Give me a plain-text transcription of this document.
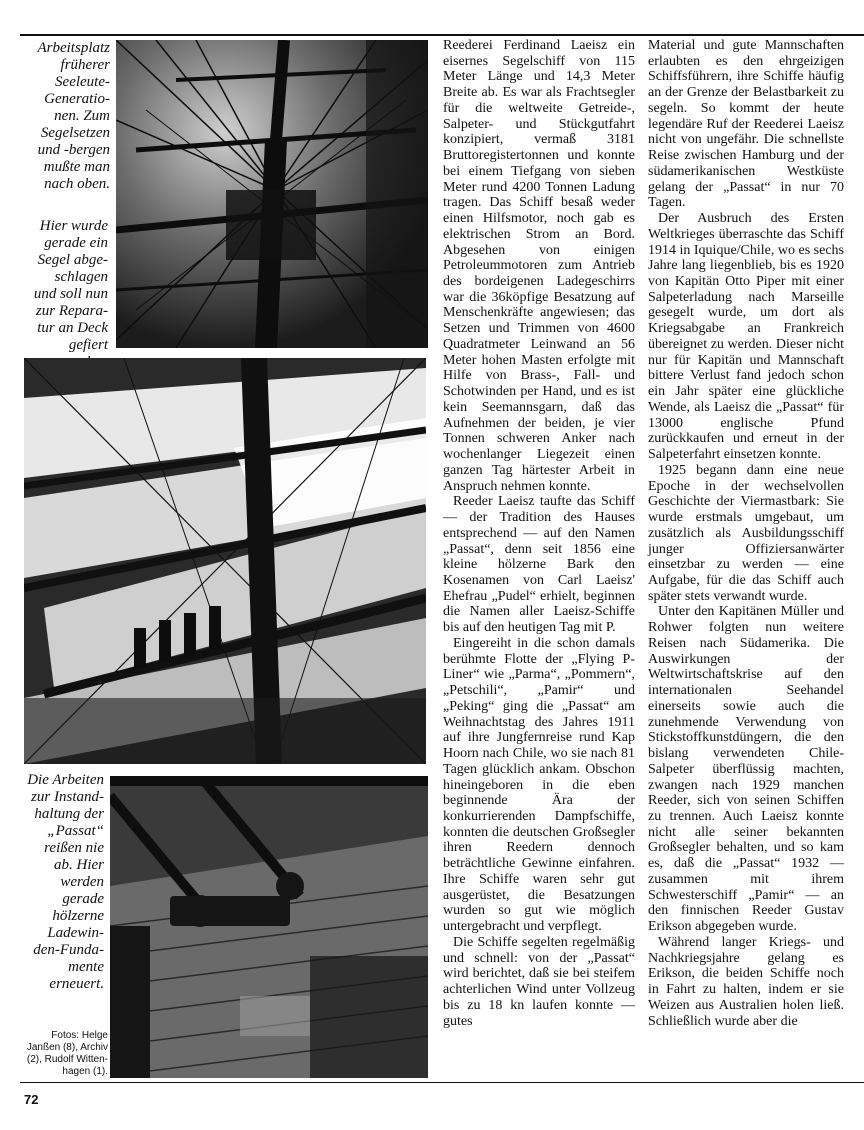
Arbeitsplatz
früherer
Seeleute-
Generatio-
nen. Zum
Segelsetzen
und -bergen
mußte man
nach oben.
Hier wurde
gerade ein
Segel abge-
schlagen
und soll nun
zur Repara-
tur an Deck
gefiert

Die Arbeiten
zur Instand-
haltung der
„Passat“
reißen nie
ab. Hier
werden
gerade
hölzerne
Ladewin-
den-Funda-
mente
erneuert.
Fotos: Helge
Janßen (8), Archiv
(2), Rudolf Witten-
hagen (1).

Reederei Ferdinand Laeisz ein eisernes Segelschiff von 115 Meter Länge und 14,3 Meter Breite ab. Es war als Frachtsegler für die weltweite Getreide-, Salpeter- und Stückgutfahrt konzipiert, vermaß 3181 Bruttoregistertonnen und konnte bei einem Tiefgang von sieben Meter rund 4200 Tonnen Ladung tragen. Das Schiff besaß weder einen Hilfsmotor, noch gab es elektrischen Strom an Bord. Abgesehen von einigen Petroleummotoren zum Antrieb des bordeigenen Ladegeschirrs war die 36köpfige Besatzung auf Menschenkräfte angewiesen; das Setzen und Trimmen von 4600 Quadratmeter Leinwand an 56 Meter hohen Masten erfolgte mit Hilfe von Brass-, Fall- und Schotwinden per Hand, und es ist kein Seemannsgarn, daß das Aufnehmen der beiden, je vier Tonnen schweren Anker nach wochenlanger Liegezeit einen ganzen Tag härtester Arbeit in Anspruch nehmen konnte.

Reeder Laeisz taufte das Schiff — der Tradition des Hauses entsprechend — auf den Namen „Passat“, denn seit 1856 eine kleine hölzerne Bark den Kosenamen von Carl Laeisz' Ehefrau „Pudel“ erhielt, beginnen die Namen aller Laeisz-Schiffe bis auf den heutigen Tag mit P.

Eingereiht in die schon damals berühmte Flotte der „Flying P-Liner“ wie „Parma“, „Pommern“, „Petschili“, „Pamir“ und „Peking“ ging die „Passat“ am Weihnachtstag des Jahres 1911 auf ihre Jungfernreise rund Kap Hoorn nach Chile, wo sie nach 81 Tagen glücklich ankam. Obschon hineingeboren in die eben beginnende Ära der konkurrierenden Dampfschiffe, konnten die deutschen Großsegler ihren Reedern dennoch beträchtliche Gewinne einfahren. Ihre Schiffe waren sehr gut ausgerüstet, die Besatzungen wurden so gut wie möglich untergebracht und verpflegt.

Die Schiffe segelten regelmäßig und schnell: von der „Passat“ wird berichtet, daß sie bei steifem achterlichen Wind unter Vollzeug bis zu 18 kn laufen konnte — gutes

Material und gute Mannschaften erlaubten es den ehrgeizigen Schiffsführern, ihre Schiffe häufig an der Grenze der Belastbarkeit zu segeln. So kommt der heute legendäre Ruf der Reederei Laeisz nicht von ungefähr. Die schnellste Reise zwischen Hamburg und der südamerikanischen Westküste gelang der „Passat“ in nur 70 Tagen.

Der Ausbruch des Ersten Weltkrieges überraschte das Schiff 1914 in Iquique/Chile, wo es sechs Jahre lang liegenblieb, bis es 1920 von Kapitän Otto Piper mit einer Salpeterladung nach Marseille gesegelt wurde, um dort als Kriegsabgabe an Frankreich übereignet zu werden. Dieser nicht nur für Kapitän und Mannschaft bittere Verlust fand jedoch schon ein Jahr später eine glückliche Wende, als Laeisz die „Passat“ für 13000 englische Pfund zurückkaufen und erneut in der Salpeterfahrt einsetzen konnte.

1925 begann dann eine neue Epoche in der wechselvollen Geschichte der Viermastbark: Sie wurde erstmals umgebaut, um zusätzlich als Ausbildungsschiff junger Offiziersanwärter einsetzbar zu werden — eine Aufgabe, für die das Schiff auch später stets verwandt wurde.

Unter den Kapitänen Müller und Rohwer folgten nun weitere Reisen nach Südamerika. Die Auswirkungen der Weltwirtschaftskrise auf den internationalen Seehandel einerseits sowie auch die zunehmende Verwendung von Stickstoffkunstdüngern, die den bislang verwendeten Chile-Salpeter überflüssig machten, zwangen nach 1929 manchen Reeder, sich von seinen Schiffen zu trennen. Auch Laeisz konnte nicht alle seiner bekannten Großsegler behalten, und so kam es, daß die „Passat“ 1932 — zusammen mit ihrem Schwesterschiff „Pamir“ — an den finnischen Reeder Gustav Erikson abgegeben wurde.

Während langer Kriegs- und Nachkriegsjahre gelang es Erikson, die beiden Schiffe noch in Fahrt zu halten, indem er sie Weizen aus Australien holen ließ. Schließlich wurde aber die

72
